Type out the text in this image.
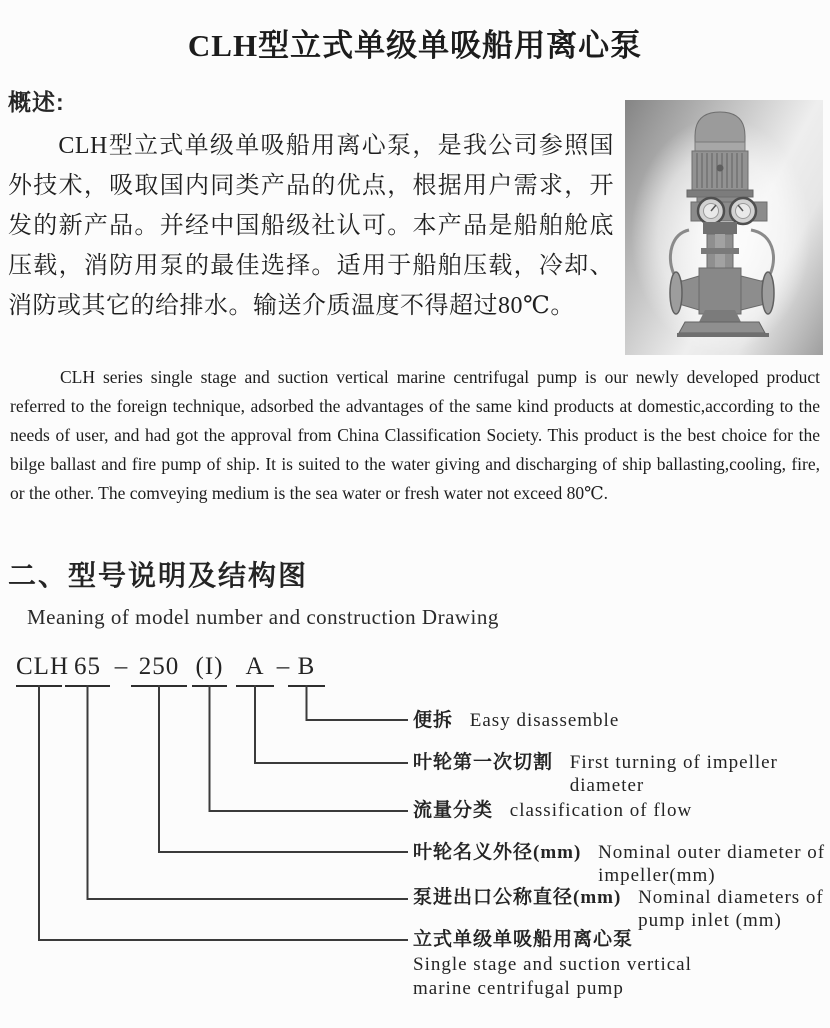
CLH型立式单级单吸船用离心泵
概述:
CLH型立式单级单吸船用离心泵，是我公司参照国外技术，吸取国内同类产品的优点，根据用户需求，开发的新产品。并经中国船级社认可。本产品是船舶舱底压载，消防用泵的最佳选择。适用于船舶压载，冷却、消防或其它的给排水。输送介质温度不得超过80℃。
CLH series single stage and suction vertical marine centrifugal pump is our newly developed product referred to the foreign technique, adsorbed the advantages of the same kind products at domestic,according to the needs of user, and had got the approval from China Classification Society. This product is the best choice for the bilge ballast and fire pump of ship. It is suited to the water giving and discharging of ship ballasting,cooling, fire, or the other. The comveying medium is the sea water or fresh water not exceed 80℃.
二、型号说明及结构图
Meaning of model number and construction Drawing
CLH 65 – 250 (I) A – B
便拆 Easy disassemble
叶轮第一次切割 First turning of impeller diameter
流量分类 classification of flow
叶轮名义外径(mm) Nominal outer diameter of impeller(mm)
泵进出口公称直径(mm) Nominal diameters of pump inlet (mm)
立式单级单吸船用离心泵
Single stage and suction vertical marine centrifugal pump
